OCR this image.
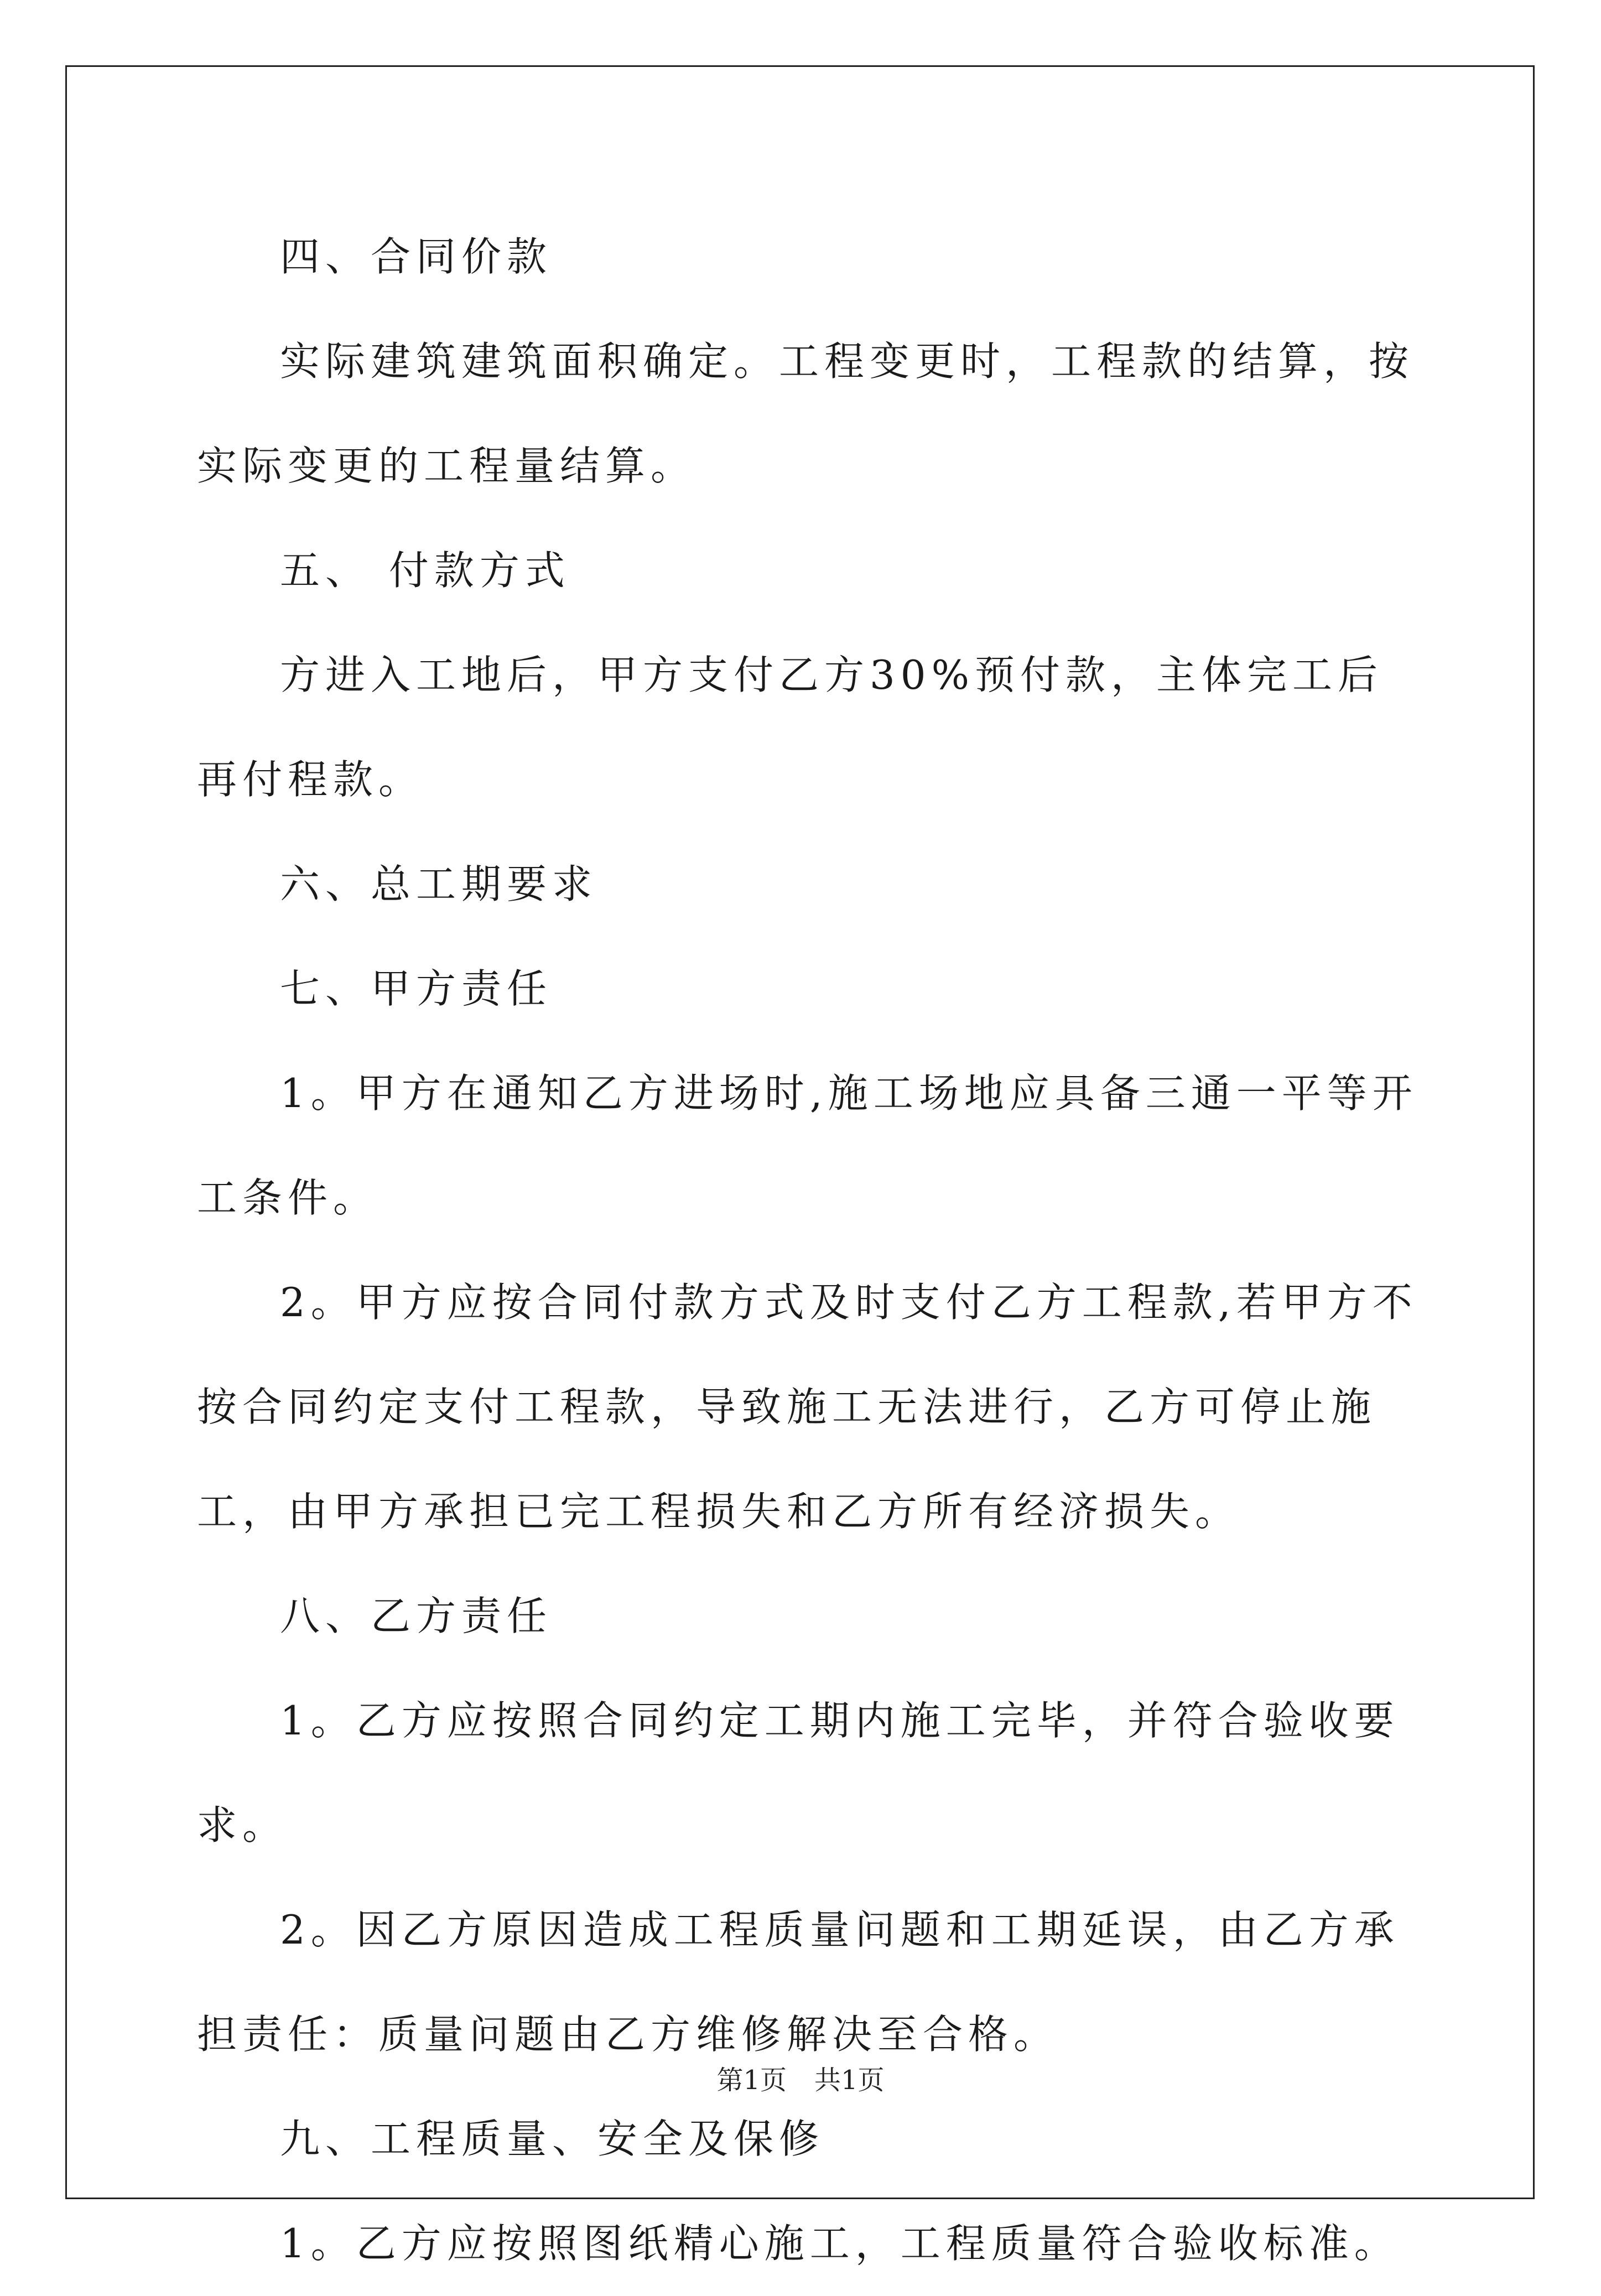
四、合同价款

实际建筑建筑面积确定。工程变更时，工程款的结算，按实际变更的工程量结算。

五、 付款方式

方进入工地后，甲方支付乙方30%预付款，主体完工后再付程款。

六、总工期要求

七、甲方责任

1。甲方在通知乙方进场时,施工场地应具备三通一平等开工条件。

2。甲方应按合同付款方式及时支付乙方工程款,若甲方不按合同约定支付工程款，导致施工无法进行，乙方可停止施工，由甲方承担已完工程损失和乙方所有经济损失。

八、乙方责任

1。乙方应按照合同约定工期内施工完毕，并符合验收要求。

2。因乙方原因造成工程质量问题和工期延误，由乙方承担责任：质量问题由乙方维修解决至合格。

九、工程质量、安全及保修

1。乙方应按照图纸精心施工，工程质量符合验收标准。

第1页 共1页
